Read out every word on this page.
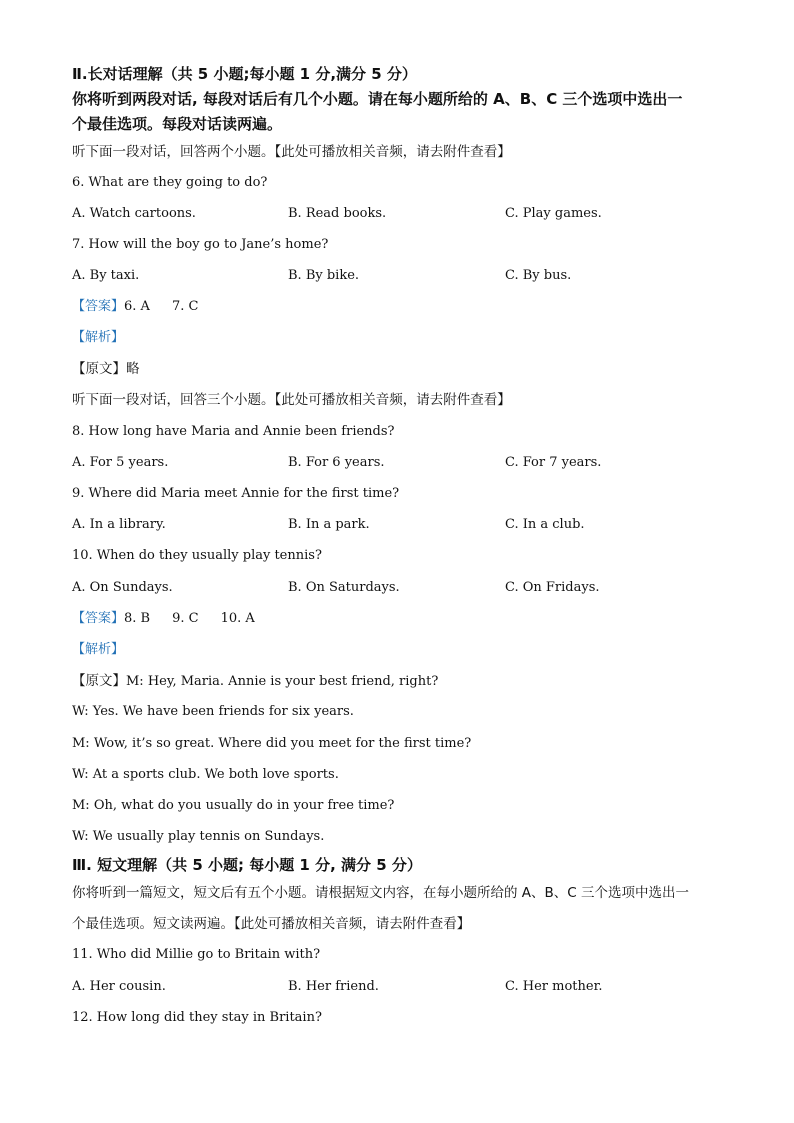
Ⅱ.长对话理解（共 5 小题;每小题 1 分,满分 5 分）
你将听到两段对话, 每段对话后有几个小题。请在每小题所给的 A、B、C 三个选项中选出一
个最佳选项。每段对话读两遍。
听下面一段对话，回答两个小题。【此处可播放相关音频，请去附件查看】
6. What are they going to do?
A. Watch cartoons.	B. Read books.	C. Play games.
7. How will the boy go to Jane’s home?
A. By taxi.	B. By bike.	C. By bus.
【答案】6. A 7. C
【解析】
【原文】略
听下面一段对话，回答三个小题。【此处可播放相关音频，请去附件查看】
8. How long have Maria and Annie been friends?
A. For 5 years.	B. For 6 years.	C. For 7 years.
9. Where did Maria meet Annie for the first time?
A. In a library.	B. In a park.	C. In a club.
10. When do they usually play tennis?
A. On Sundays.	B. On Saturdays.	C. On Fridays.
【答案】8. B 9. C 10. A
【解析】
【原文】M: Hey, Maria. Annie is your best friend, right?
W: Yes. We have been friends for six years.
M: Wow, it’s so great. Where did you meet for the first time?
W: At a sports club. We both love sports.
M: Oh, what do you usually do in your free time?
W: We usually play tennis on Sundays.
Ⅲ. 短文理解（共 5 小题; 每小题 1 分, 满分 5 分）
你将听到一篇短文，短文后有五个小题。请根据短文内容，在每小题所给的 A、B、C 三个选项中选出一
个最佳选项。短文读两遍。【此处可播放相关音频，请去附件查看】
11. Who did Millie go to Britain with?
A. Her cousin.	B. Her friend.	C. Her mother.
12. How long did they stay in Britain?
